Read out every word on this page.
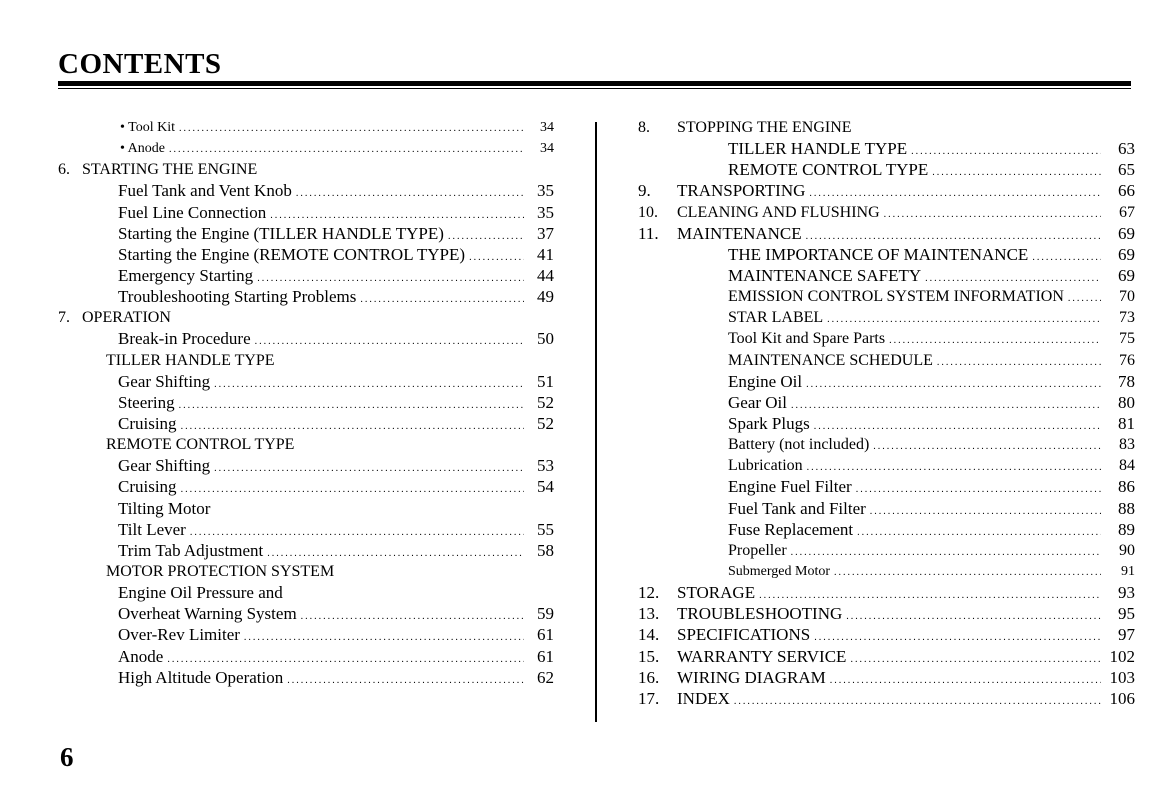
CONTENTS
• Tool Kit .....	34
• Anode .....	34
6. STARTING THE ENGINE
Fuel Tank and Vent Knob .....	35
Fuel Line Connection .....	35
Starting the Engine (TILLER HANDLE TYPE) .....	37
Starting the Engine (REMOTE CONTROL TYPE) .....	41
Emergency Starting .....	44
Troubleshooting Starting Problems .....	49
7. OPERATION
Break-in Procedure .....	50
TILLER HANDLE TYPE
Gear Shifting .....	51
Steering .....	52
Cruising .....	52
REMOTE CONTROL TYPE
Gear Shifting .....	53
Cruising .....	54
Tilting Motor
Tilt Lever .....	55
Trim Tab Adjustment .....	58
MOTOR PROTECTION SYSTEM
Engine Oil Pressure and
Overheat Warning System .....	59
Over-Rev Limiter .....	61
Anode .....	61
High Altitude Operation .....	62
8.	STOPPING THE ENGINE
TILLER HANDLE TYPE .....	63
REMOTE CONTROL TYPE .....	65
9.	TRANSPORTING .....	66
10.	CLEANING AND FLUSHING .....	67
11.	MAINTENANCE .....	69
THE IMPORTANCE OF MAINTENANCE .....	69
MAINTENANCE SAFETY .....	69
EMISSION CONTROL SYSTEM INFORMATION .....	70
STAR LABEL .....	73
Tool Kit and Spare Parts .....	75
MAINTENANCE SCHEDULE .....	76
Engine Oil .....	78
Gear Oil .....	80
Spark Plugs .....	81
Battery (not included) .....	83
Lubrication .....	84
Engine Fuel Filter .....	86
Fuel Tank and Filter .....	88
Fuse Replacement .....	89
Propeller .....	90
Submerged Motor .....	91
12.	STORAGE .....	93
13.	TROUBLESHOOTING .....	95
14.	SPECIFICATIONS .....	97
15.	WARRANTY SERVICE .....	102
16.	WIRING DIAGRAM .....	103
17.	INDEX .....	106
6
